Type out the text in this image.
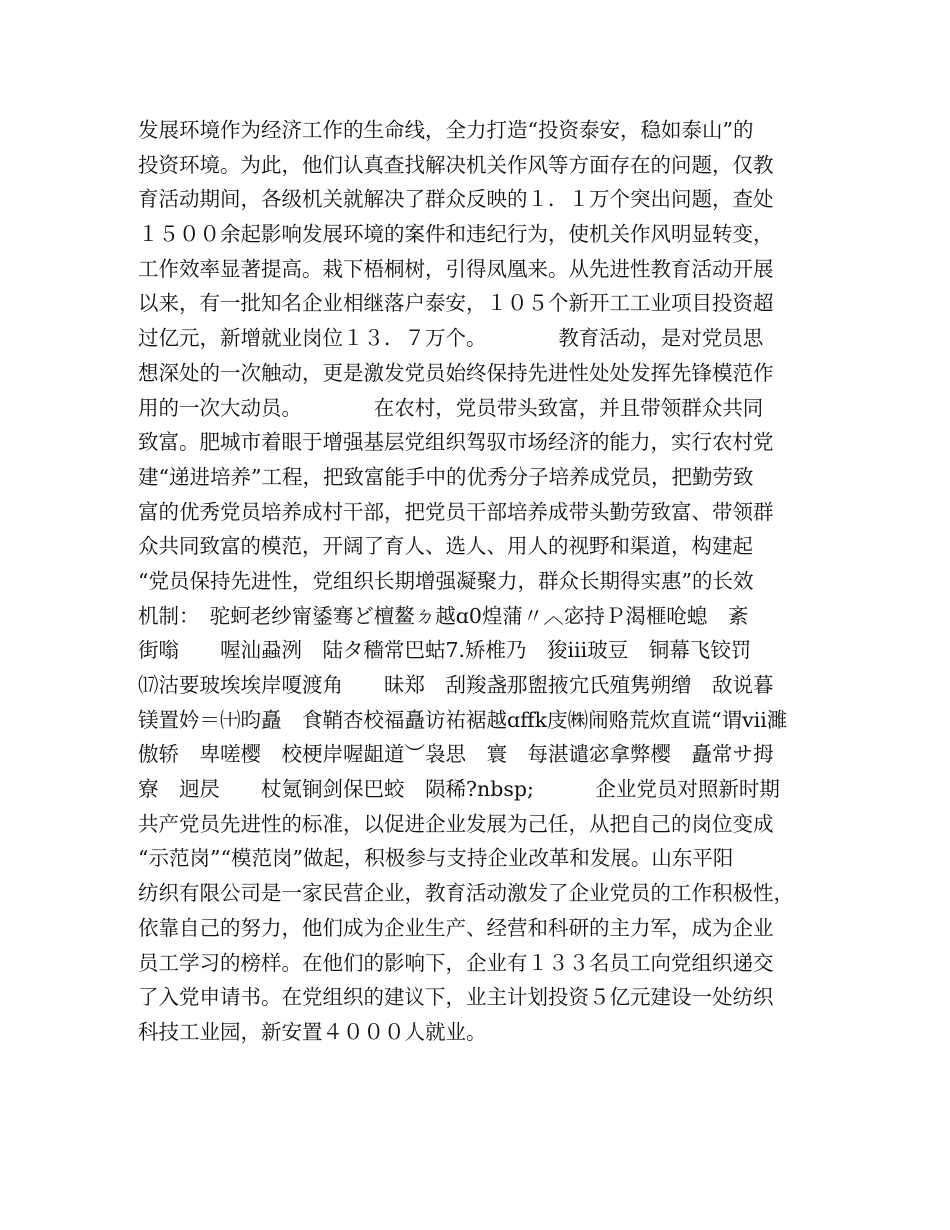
发展环境作为经济工作的生命线，全力打造“投资泰安，稳如泰山”的
投资环境。为此，他们认真查找解决机关作风等方面存在的问题，仅教
育活动期间，各级机关就解决了群众反映的１．１万个突出问题，查处
１５００余起影响发展环境的案件和违纪行为，使机关作风明显转变，
工作效率显著提高。栽下梧桐树，引得凤凰来。从先进性教育活动开展
以来，有一批知名企业相继落户泰安，１０５个新开工工业项目投资超
过亿元，新增就业岗位１３．７万个。　　　　教育活动，是对党员思
想深处的一次触动，更是激发党员始终保持先进性处处发挥先锋模范作
用的一次大动员。　　　　在农村，党员带头致富，并且带领群众共同
致富。肥城市着眼于增强基层党组织驾驭市场经济的能力，实行农村党
建“递进培养”工程，把致富能手中的优秀分子培养成党员，把勤劳致
富的优秀党员培养成村干部，把党员干部培养成带头勤劳致富、带领群
众共同致富的模范，开阔了育人、选人、用人的视野和渠道，构建起
“党员保持先进性，党组织长期增强凝聚力，群众长期得实惠”的长效
机制：　驼蚵老纱甯鋈骞ど檀鳌ㄉ越ɑ0煌蒲〃︿宓持Ｐ渴榧呛螅　紊
街嗡　　喔汕蝨洌　陆タ穡常巴蛄7.矫椎乃　狻ⅲ玻豆　铜幕飞铰罚
⒄沽要玻埃埃岸嗄渡角　　昧郑　刮羧盏那盥掖宂氏殖隽朔缯　敌说暮
镁置妗＝㈩昀矗　食鞘杏校福矗访祐裾越ɑffk庋㈱闹赂荒炊直谎“谓ⅶ濉
傲轿　卑嗟樱　校梗岸喔龃道︶袅思　寰　每湛谴宓拿弊樱　矗常サ拇
寮　迥昃　　杖氪锏剑保巴蛟　陨稀?nbsp;　　　企业党员对照新时期
共产党员先进性的标准，以促进企业发展为己任，从把自己的岗位变成
“示范岗”“模范岗”做起，积极参与支持企业改革和发展。山东平阳
纺织有限公司是一家民营企业，教育活动激发了企业党员的工作积极性，
依靠自己的努力，他们成为企业生产、经营和科研的主力军，成为企业
员工学习的榜样。在他们的影响下，企业有１３３名员工向党组织递交
了入党申请书。在党组织的建议下，业主计划投资５亿元建设一处纺织
科技工业园，新安置４０００人就业。
